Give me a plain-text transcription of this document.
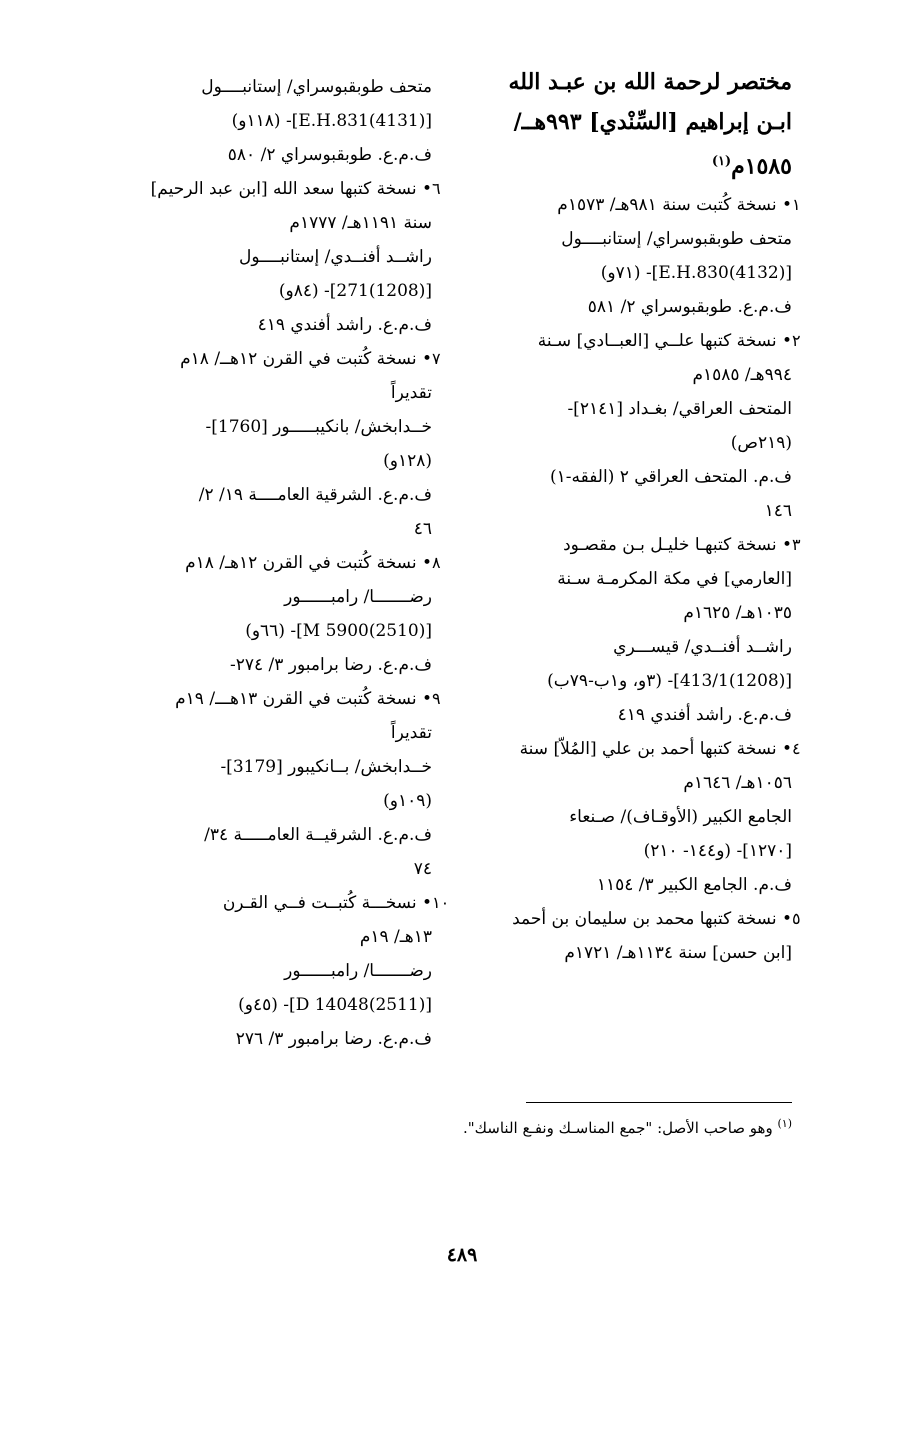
مختصر لرحمة الله بن عبـد الله
ابـن إبراهيم [السِّنْدي] ٩٩٣هــ/
١٥٨٥م$^{(١)}$
١
• نسخة كُتبت سنة ٩٨١هـ/ ١٥٧٣م
متحف طوبقبوسراي/ إستانبــــول
[(4132)E.H.830]- (٧١و)
ف.م.ع. طوبقبوسراي ٢/ ٥٨١
٢
• نسخة كتبها علــي [العبــادي] سـنة
٩٩٤هـ/ ١٥٨٥م
المتحف العراقي/ بغـداد [٢١٤١]-
(٢١٩ص)
ف.م. المتحف العراقي ٢ (الفقه-١)
١٤٦
٣
• نسخة كتبهـا خليـل بـن مقصـود
[العارمي] في مكة المكرمـة سـنة
١٠٣٥هـ/ ١٦٢٥م
راشــد أفنــدي/ قيســـري
[(1208)413/1]- (٣و، و١ب-٧٩ب)
ف.م.ع. راشد أفندي ٤١٩
٤
• نسخة كتبها أحمد بن علي [المُلاّ] سنة
١٠٥٦هـ/ ١٦٤٦م
الجامع الكبير (الأوقـاف)/ صـنعاء
[١٢٧٠]- (و١٤٤- ٢١٠)
ف.م. الجامع الكبير ٣/ ١١٥٤
٥
• نسخة كتبها محمد بن سليمان بن أحمد
[ابن حسن] سنة ١١٣٤هـ/ ١٧٢١م
متحف طوبقبوسراي/ إستانبــــول
[(4131)E.H.831]- (١١٨و)
ف.م.ع. طوبقبوسراي ٢/ ٥٨٠
٦
• نسخة كتبها سعد الله [ابن عبد الرحيم]
سنة ١١٩١هـ/ ١٧٧٧م
راشــد أفنــدي/ إستانبــــول
[(1208)271]- (٨٤و)
ف.م.ع. راشد أفندي ٤١٩
٧
• نسخة كُتبت في القرن ١٢هــ/ ١٨م
تقديراً
خــدابخش/ بانكيبـــــور [1760]-
(١٢٨و)
ف.م.ع. الشرقية العامــــة ١٩/ ٢/
٤٦
٨
• نسخة كُتبت في القرن ١٢هـ/ ١٨م
رضـــــــا/ رامبــــــور
[(2510)5900 M]- (٦٦و)
ف.م.ع. رضا برامبور ٣/ ٢٧٤-
٩
• نسخة كُتبت في القرن ١٣هـــ/ ١٩م
تقديراً
خــدابخش/ بــانكيبور [3179]-
(١٠٩و)
ف.م.ع. الشرقيــة العامـــــة ٣٤/
٧٤
١٠
• نسخـــة كُتبــت فــي القـرن
١٣هـ/ ١٩م
رضـــــــا/ رامبــــــور
[(2511)14048 D]- (٤٥و)
ف.م.ع. رضا برامبور ٣/ ٢٧٦
$^{(١)}$ وهو صاحب الأصل: "جمع المناسـك ونفـع الناسك".
٤٨٩
